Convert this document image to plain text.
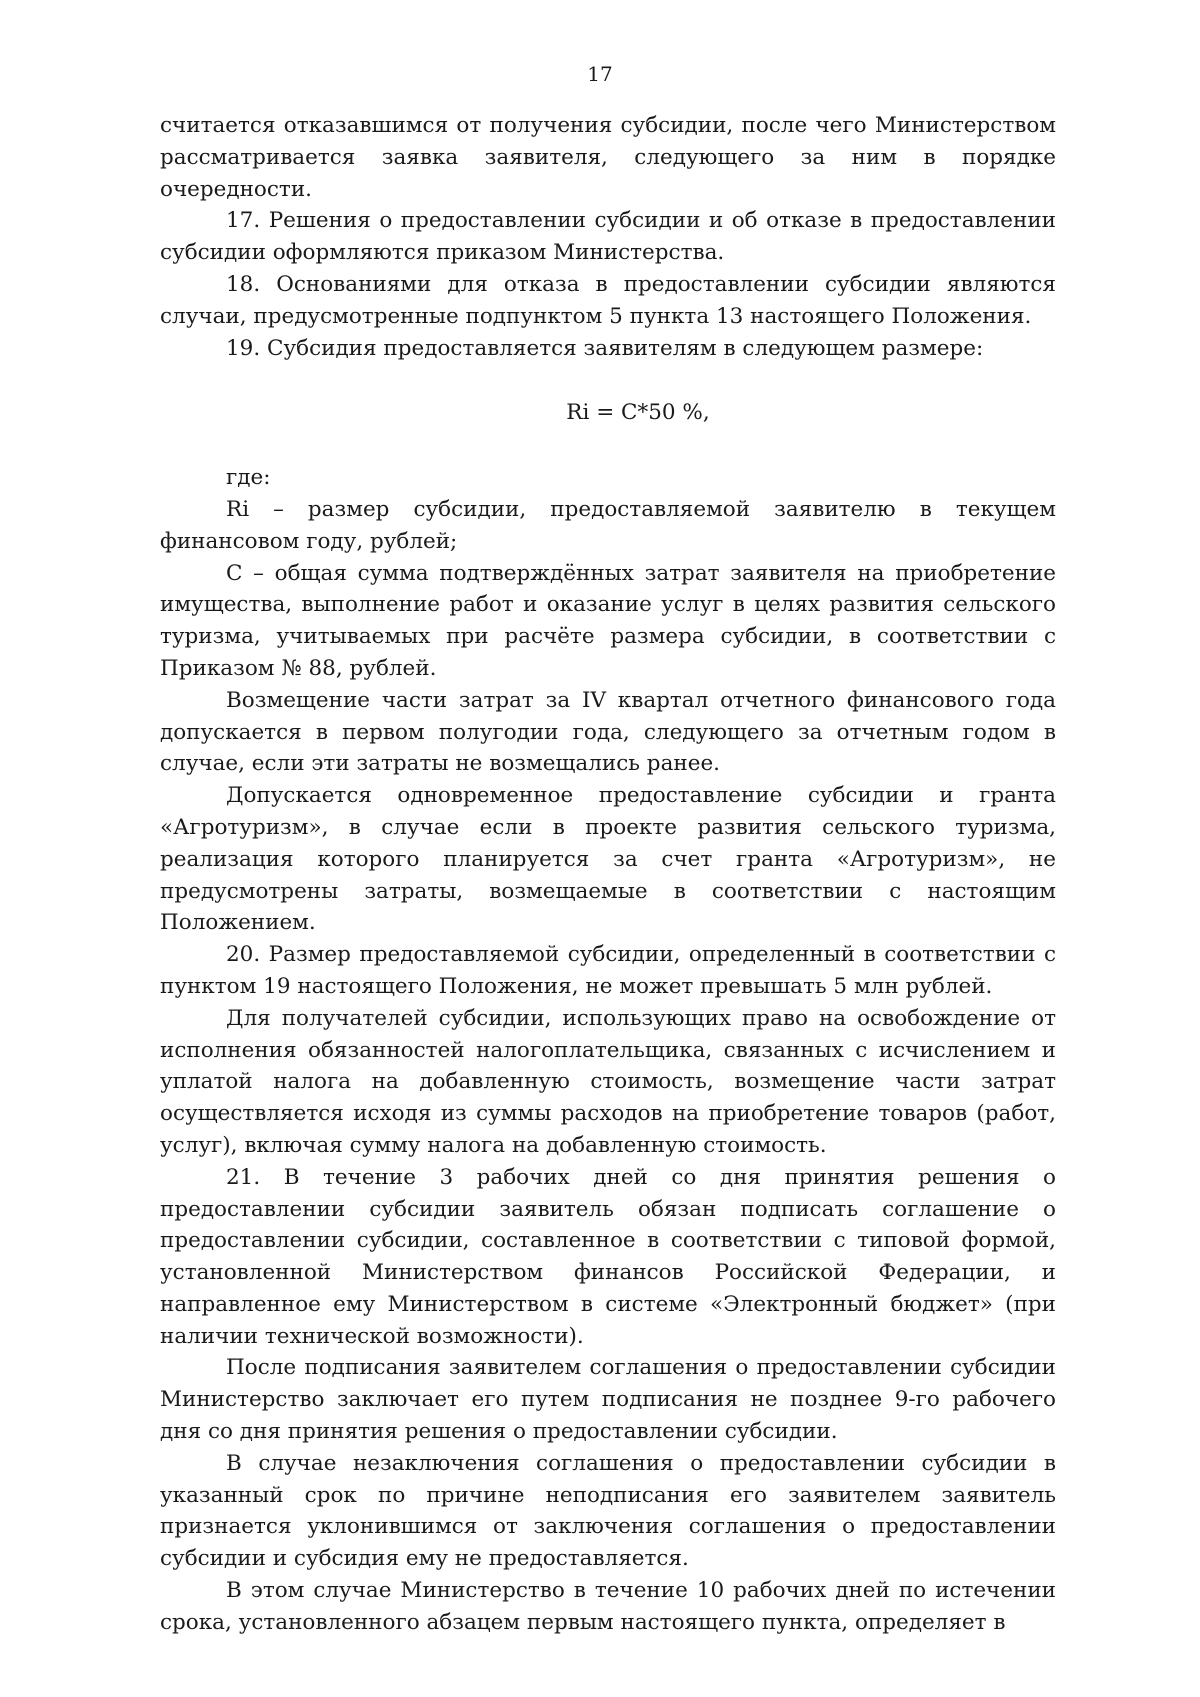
17

считается отказавшимся от получения субсидии, после чего Министерством рассматривается заявка заявителя, следующего за ним в порядке очередности.

17. Решения о предоставлении субсидии и об отказе в предоставлении субсидии оформляются приказом Министерства.

18. Основаниями для отказа в предоставлении субсидии являются случаи, предусмотренные подпунктом 5 пункта 13 настоящего Положения.

19. Субсидия предоставляется заявителям в следующем размере:

Ri = C*50 %,

где:

Ri – размер субсидии, предоставляемой заявителю в текущем финансовом году, рублей;

С – общая сумма подтверждённых затрат заявителя на приобретение имущества, выполнение работ и оказание услуг в целях развития сельского туризма, учитываемых при расчёте размера субсидии, в соответствии с Приказом № 88, рублей.

Возмещение части затрат за IV квартал отчетного финансового года допускается в первом полугодии года, следующего за отчетным годом в случае, если эти затраты не возмещались ранее.

Допускается одновременное предоставление субсидии и гранта «Агротуризм», в случае если в проекте развития сельского туризма, реализация которого планируется за счет гранта «Агротуризм», не предусмотрены затраты, возмещаемые в соответствии с настоящим Положением.

20. Размер предоставляемой субсидии, определенный в соответствии с пунктом 19 настоящего Положения, не может превышать 5 млн рублей.

Для получателей субсидии, использующих право на освобождение от исполнения обязанностей налогоплательщика, связанных с исчислением и уплатой налога на добавленную стоимость, возмещение части затрат осуществляется исходя из суммы расходов на приобретение товаров (работ, услуг), включая сумму налога на добавленную стоимость.

21. В течение 3 рабочих дней со дня принятия решения о предоставлении субсидии заявитель обязан подписать соглашение о предоставлении субсидии, составленное в соответствии с типовой формой, установленной Министерством финансов Российской Федерации, и направленное ему Министерством в системе «Электронный бюджет» (при наличии технической возможности).

После подписания заявителем соглашения о предоставлении субсидии Министерство заключает его путем подписания не позднее 9-го рабочего дня со дня принятия решения о предоставлении субсидии.

В случае незаключения соглашения о предоставлении субсидии в указанный срок по причине неподписания его заявителем заявитель признается уклонившимся от заключения соглашения о предоставлении субсидии и субсидия ему не предоставляется.

В этом случае Министерство в течение 10 рабочих дней по истечении срока, установленного абзацем первым настоящего пункта, определяет в
